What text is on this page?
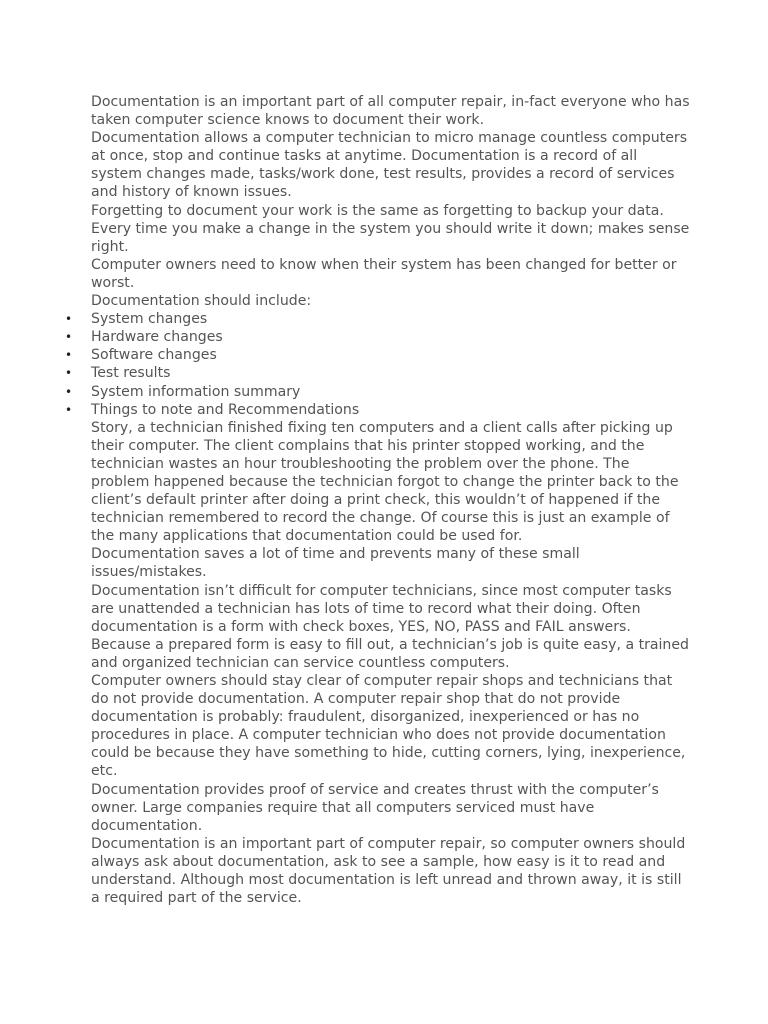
Documentation is an important part of all computer repair, in-fact everyone who has taken computer science knows to document their work.

Documentation allows a computer technician to micro manage countless computers at once, stop and continue tasks at anytime. Documentation is a record of all system changes made, tasks/work done, test results, provides a record of services and history of known issues.

Forgetting to document your work is the same as forgetting to backup your data. Every time you make a change in the system you should write it down; makes sense right.

Computer owners need to know when their system has been changed for better or worst.

Documentation should include:

• System changes
• Hardware changes
• Software changes
• Test results
• System information summary
• Things to note and Recommendations

Story, a technician finished fixing ten computers and a client calls after picking up their computer. The client complains that his printer stopped working, and the technician wastes an hour troubleshooting the problem over the phone. The problem happened because the technician forgot to change the printer back to the client’s default printer after doing a print check, this wouldn’t of happened if the technician remembered to record the change. Of course this is just an example of the many applications that documentation could be used for.

Documentation saves a lot of time and prevents many of these small issues/mistakes.

Documentation isn’t difficult for computer technicians, since most computer tasks are unattended a technician has lots of time to record what their doing. Often documentation is a form with check boxes, YES, NO, PASS and FAIL answers. Because a prepared form is easy to fill out, a technician’s job is quite easy, a trained and organized technician can service countless computers.

Computer owners should stay clear of computer repair shops and technicians that do not provide documentation. A computer repair shop that do not provide documentation is probably: fraudulent, disorganized, inexperienced or has no procedures in place. A computer technician who does not provide documentation could be because they have something to hide, cutting corners, lying, inexperience, etc.

Documentation provides proof of service and creates thrust with the computer’s owner. Large companies require that all computers serviced must have documentation.

Documentation is an important part of computer repair, so computer owners should always ask about documentation, ask to see a sample, how easy is it to read and understand. Although most documentation is left unread and thrown away, it is still a required part of the service.
